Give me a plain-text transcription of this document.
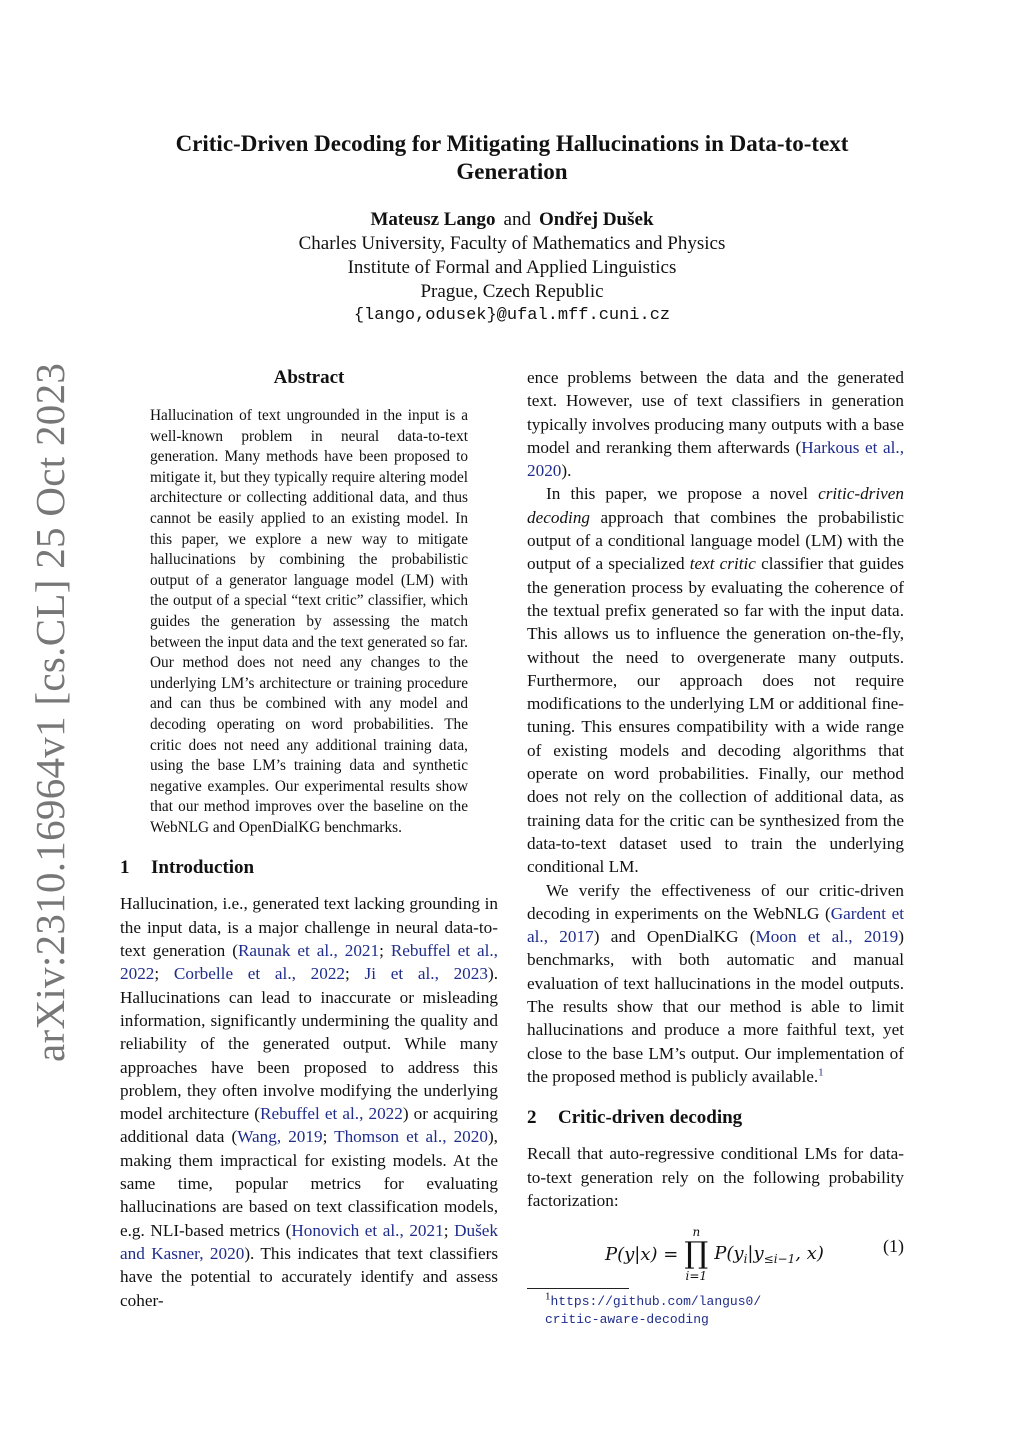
arXiv:2310.16964v1 [cs.CL] 25 Oct 2023
Critic-Driven Decoding for Mitigating Hallucinations in Data-to-text
Generation
Mateusz Lango and Ondřej Dušek
Charles University, Faculty of Mathematics and Physics
Institute of Formal and Applied Linguistics
Prague, Czech Republic
{lango,odusek}@ufal.mff.cuni.cz
Abstract
Hallucination of text ungrounded in the input is a well-known problem in neural data-to-text generation. Many methods have been proposed to mitigate it, but they typically require altering model architecture or collecting additional data, and thus cannot be easily applied to an existing model. In this paper, we explore a new way to mitigate hallucinations by combining the probabilistic output of a generator language model (LM) with the output of a special “text critic” classifier, which guides the generation by assessing the match between the input data and the text generated so far. Our method does not need any changes to the underlying LM’s architecture or training procedure and can thus be combined with any model and decoding operating on word probabilities. The critic does not need any additional training data, using the base LM’s training data and synthetic negative examples. Our experimental results show that our method improves over the baseline on the WebNLG and OpenDialKG benchmarks.
1 Introduction

Hallucination, i.e., generated text lacking grounding in the input data, is a major challenge in neural data-to-text generation (Raunak et al., 2021; Rebuffel et al., 2022; Corbelle et al., 2022; Ji et al., 2023). Hallucinations can lead to inaccurate or misleading information, significantly undermining the quality and reliability of the generated output. While many approaches have been proposed to address this problem, they often involve modifying the underlying model architecture (Rebuffel et al., 2022) or acquiring additional data (Wang, 2019; Thomson et al., 2020), making them impractical for existing models. At the same time, popular metrics for evaluating hallucinations are based on text classification models, e.g. NLI-based metrics (Honovich et al., 2021; Dušek and Kasner, 2020). This indicates that text classifiers have the potential to accurately identify and assess coher-

ence problems between the data and the generated text. However, use of text classifiers in generation typically involves producing many outputs with a base model and reranking them afterwards (Harkous et al., 2020).

In this paper, we propose a novel critic-driven decoding approach that combines the probabilistic output of a conditional language model (LM) with the output of a specialized text critic classifier that guides the generation process by evaluating the coherence of the textual prefix generated so far with the input data. This allows us to influence the generation on-the-fly, without the need to overgenerate many outputs. Furthermore, our approach does not require modifications to the underlying LM or additional fine-tuning. This ensures compatibility with a wide range of existing models and decoding algorithms that operate on word probabilities. Finally, our method does not rely on the collection of additional data, as training data for the critic can be synthesized from the data-to-text dataset used to train the underlying conditional LM.

We verify the effectiveness of our critic-driven decoding in experiments on the WebNLG (Gardent et al., 2017) and OpenDialKG (Moon et al., 2019) benchmarks, with both automatic and manual evaluation of text hallucinations in the model outputs. The results show that our method is able to limit hallucinations and produce a more faithful text, yet close to the base LM’s output. Our implementation of the proposed method is publicly available.$^1$

2 Critic-driven decoding

Recall that auto-regressive conditional LMs for data-to-text generation rely on the following probability factorization:

P(y|x) =
n
∏
i=1
$P(y_i|y_{\le i-1}$, x)	(1)
$^1$https://github.com/langus0/
critic-aware-decoding
